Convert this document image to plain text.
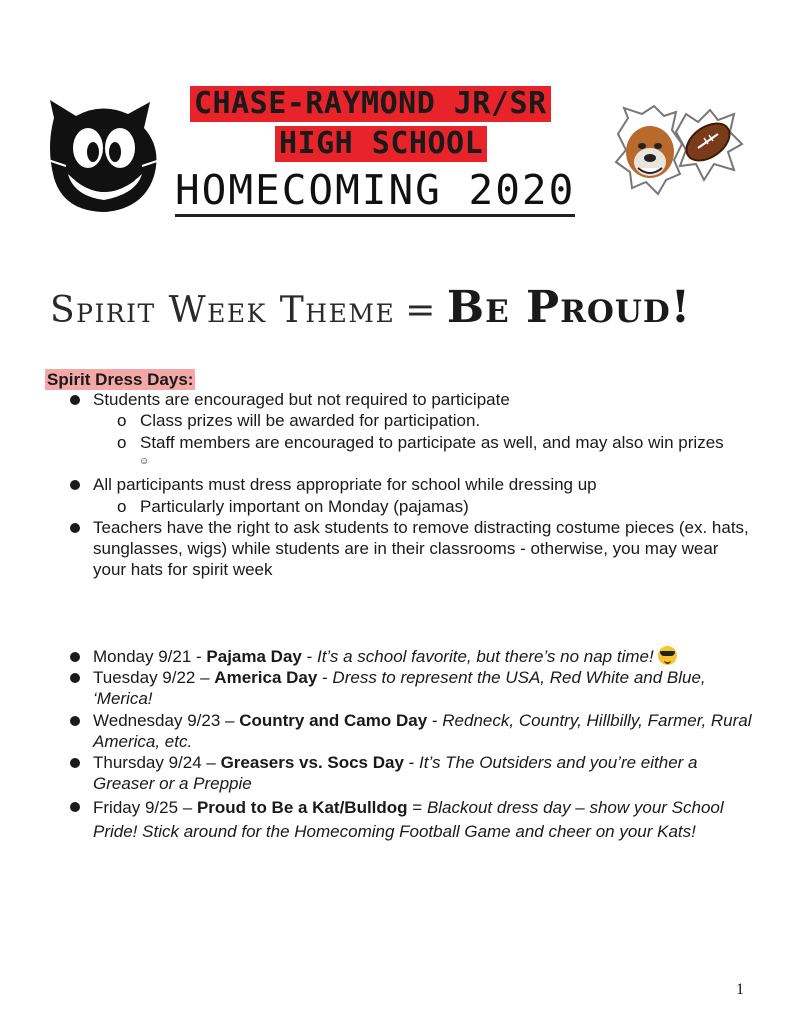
CHASE-RAYMOND JR/SR
HIGH SCHOOL
HOMECOMING 2020
Spirit Week Theme = Be Proud!
Spirit Dress Days:
Students are encouraged but not required to participate
o Class prizes will be awarded for participation.
o Staff members are encouraged to participate as well, and may also win prizes
☺
All participants must dress appropriate for school while dressing up
o Particularly important on Monday (pajamas)
Teachers have the right to ask students to remove distracting costume pieces (ex. hats, sunglasses, wigs) while students are in their classrooms - otherwise, you may wear your hats for spirit week
Monday 9/21 - Pajama Day - It’s a school favorite, but there’s no nap time!
Tuesday 9/22 – America Day - Dress to represent the USA, Red White and Blue, ‘Merica!
Wednesday 9/23 – Country and Camo Day - Redneck, Country, Hillbilly, Farmer, Rural America, etc.
Thursday 9/24 – Greasers vs. Socs Day - It’s The Outsiders and you’re either a Greaser or a Preppie
Friday 9/25 – Proud to Be a Kat/Bulldog = Blackout dress day – show your School Pride! Stick around for the Homecoming Football Game and cheer on your Kats!
1
